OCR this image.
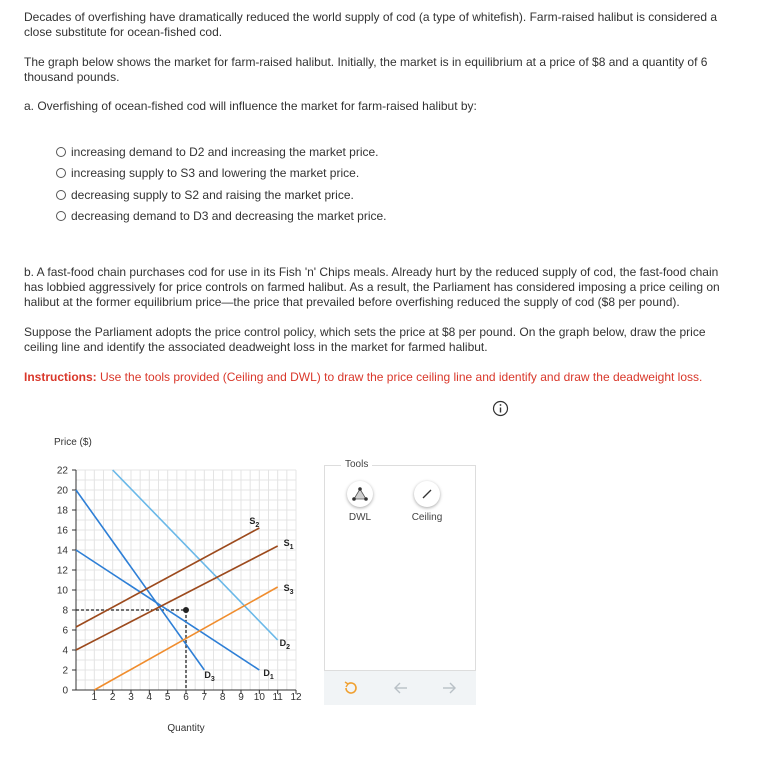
Decades of overfishing have dramatically reduced the world supply of cod (a type of whitefish). Farm-raised halibut is considered a
close substitute for ocean-fished cod.

The graph below shows the market for farm-raised halibut. Initially, the market is in equilibrium at a price of $8 and a quantity of 6
thousand pounds.

a. Overfishing of ocean-fished cod will influence the market for farm-raised halibut by:

increasing demand to D2 and increasing the market price.
increasing supply to S3 and lowering the market price.
decreasing supply to S2 and raising the market price.
decreasing demand to D3 and decreasing the market price.

b. A fast-food chain purchases cod for use in its Fish 'n' Chips meals. Already hurt by the reduced supply of cod, the fast-food chain
has lobbied aggressively for price controls on farmed halibut. As a result, the Parliament has considered imposing a price ceiling on
halibut at the former equilibrium price—the price that prevailed before overfishing reduced the supply of cod ($8 per pound).

Suppose the Parliament adopts the price control policy, which sets the price at $8 per pound. On the graph below, draw the price
ceiling line and identify the associated deadweight loss in the market for farmed halibut.

Instructions: Use the tools provided (Ceiling and DWL) to draw the price ceiling line and identify and draw the deadweight loss.

0
2
4
6
8
10
12
14
16
18
20
22
1 2 3 4 5 6 7 8 9 10 11 12
Price ($)
Quantity
$D_1$
$D_2$
$D_3$
$S_1$
$S_2$
$S_3$
Tools
DWL	Ceiling
